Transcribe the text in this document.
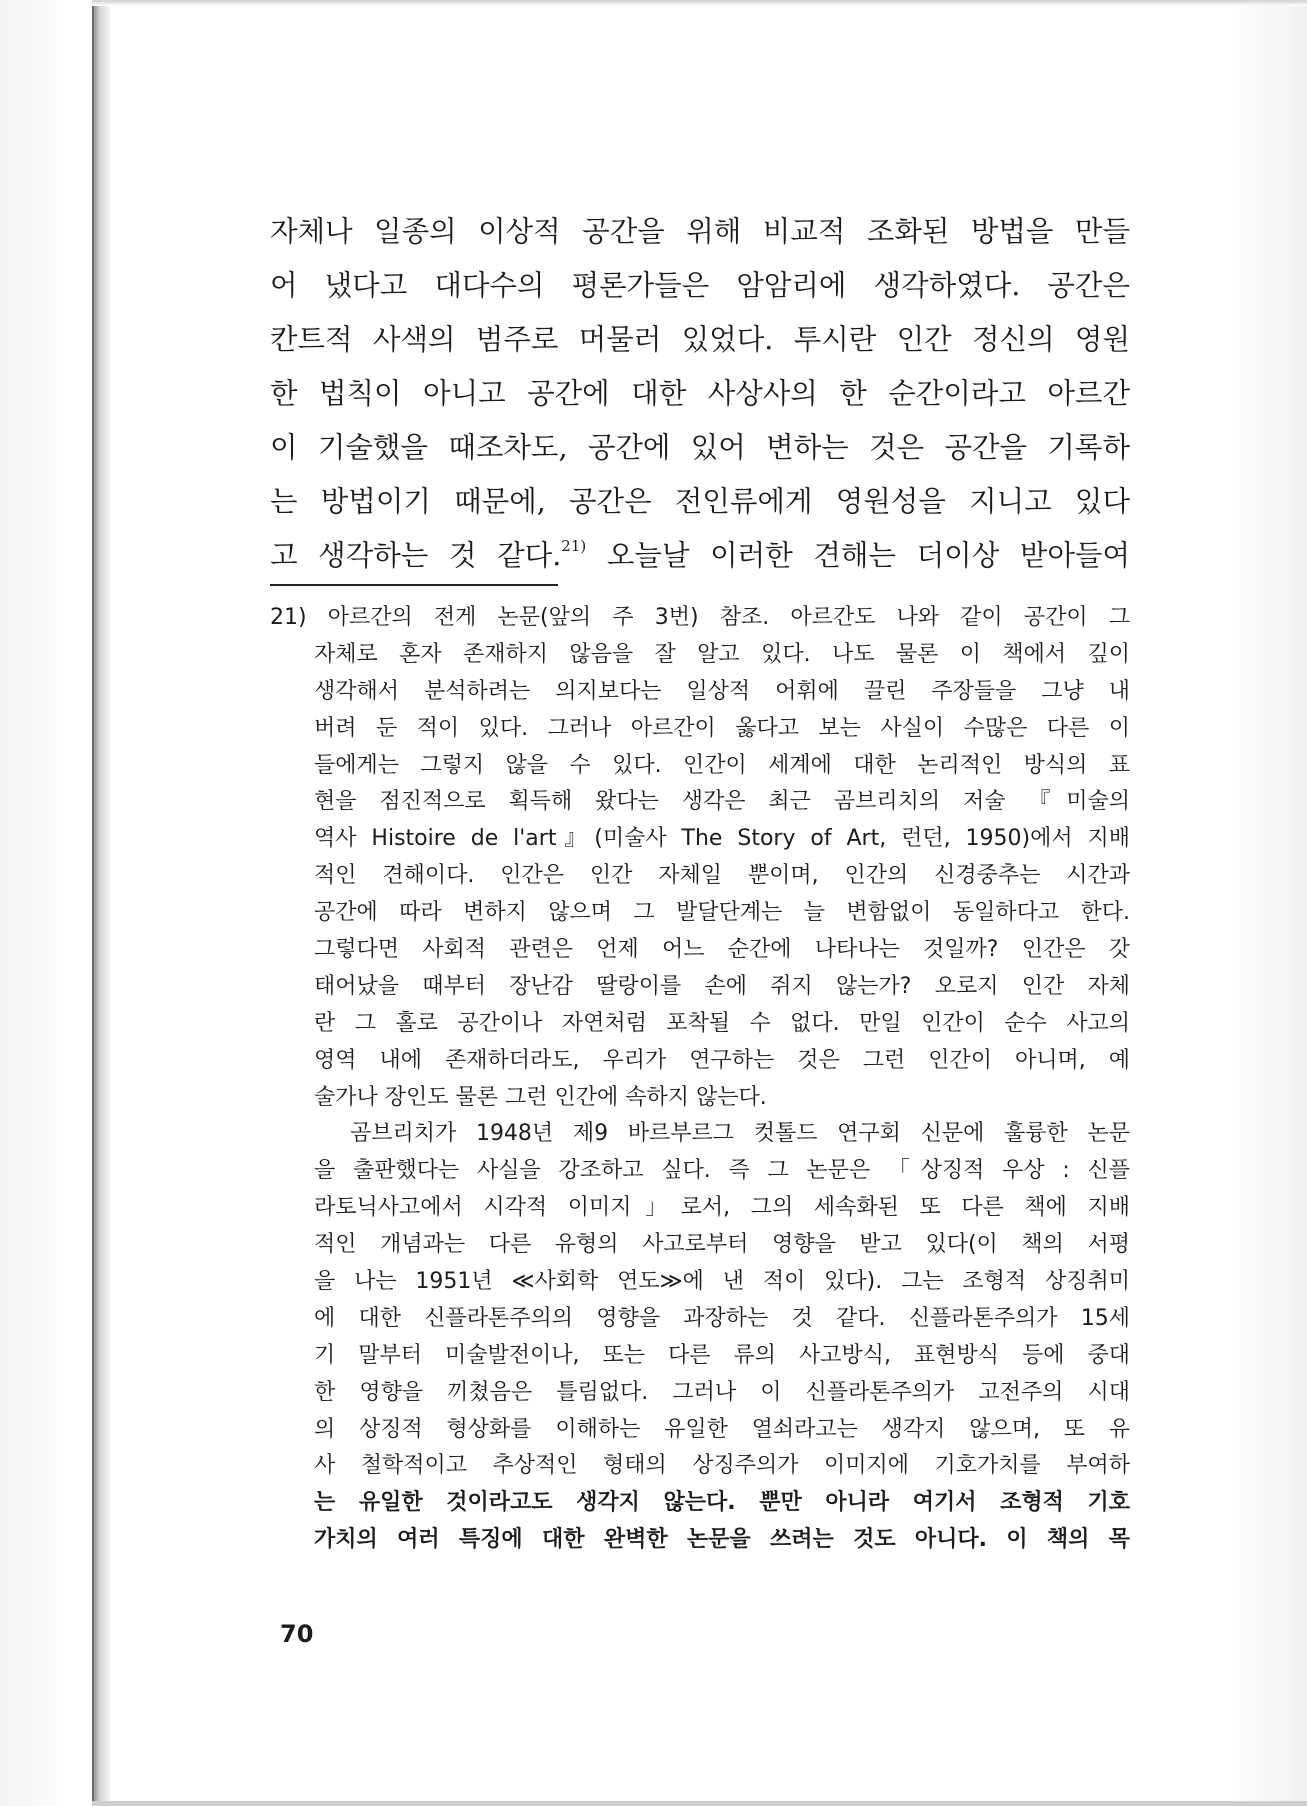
자체나 일종의 이상적 공간을 위해 비교적 조화된 방법을 만들
어 냈다고 대다수의 평론가들은 암암리에 생각하였다. 공간은
칸트적 사색의 범주로 머물러 있었다. 투시란 인간 정신의 영원
한 법칙이 아니고 공간에 대한 사상사의 한 순간이라고 아르간
이 기술했을 때조차도, 공간에 있어 변하는 것은 공간을 기록하
는 방법이기 때문에, 공간은 전인류에게 영원성을 지니고 있다
고 생각하는 것 같다.$^{21)}$ 오늘날 이러한 견해는 더이상 받아들여
21) 아르간의 전게 논문(앞의 주 3번) 참조. 아르간도 나와 같이 공간이 그
자체로 혼자 존재하지 않음을 잘 알고 있다. 나도 물론 이 책에서 깊이
생각해서 분석하려는 의지보다는 일상적 어휘에 끌린 주장들을 그냥 내
버려 둔 적이 있다. 그러나 아르간이 옳다고 보는 사실이 수많은 다른 이
들에게는 그렇지 않을 수 있다. 인간이 세계에 대한 논리적인 방식의 표
현을 점진적으로 획득해 왔다는 생각은 최근 곰브리치의 저술 『미술의
역사 Histoire de l'art』(미술사 The Story of Art, 런던, 1950)에서 지배
적인 견해이다. 인간은 인간 자체일 뿐이며, 인간의 신경중추는 시간과
공간에 따라 변하지 않으며 그 발달단계는 늘 변함없이 동일하다고 한다.
그렇다면 사회적 관련은 언제 어느 순간에 나타나는 것일까? 인간은 갓
태어났을 때부터 장난감 딸랑이를 손에 쥐지 않는가? 오로지 인간 자체
란 그 홀로 공간이나 자연처럼 포착될 수 없다. 만일 인간이 순수 사고의
영역 내에 존재하더라도, 우리가 연구하는 것은 그런 인간이 아니며, 예
술가나 장인도 물론 그런 인간에 속하지 않는다.
곰브리치가 1948년 제9 바르부르그 컷톨드 연구회 신문에 훌륭한 논문
을 출판했다는 사실을 강조하고 싶다. 즉 그 논문은 「상징적 우상 : 신플
라토닉사고에서 시각적 이미지」로서, 그의 세속화된 또 다른 책에 지배
적인 개념과는 다른 유형의 사고로부터 영향을 받고 있다(이 책의 서평
을 나는 1951년 ≪사회학 연도≫에 낸 적이 있다). 그는 조형적 상징취미
에 대한 신플라톤주의의 영향을 과장하는 것 같다. 신플라톤주의가 15세
기 말부터 미술발전이나, 또는 다른 류의 사고방식, 표현방식 등에 중대
한 영향을 끼쳤음은 틀림없다. 그러나 이 신플라톤주의가 고전주의 시대
의 상징적 형상화를 이해하는 유일한 열쇠라고는 생각지 않으며, 또 유
사 철학적이고 추상적인 형태의 상징주의가 이미지에 기호가치를 부여하
는 유일한 것이라고도 생각지 않는다. 뿐만 아니라 여기서 조형적 기호
가치의 여러 특징에 대한 완벽한 논문을 쓰려는 것도 아니다. 이 책의 목
70
